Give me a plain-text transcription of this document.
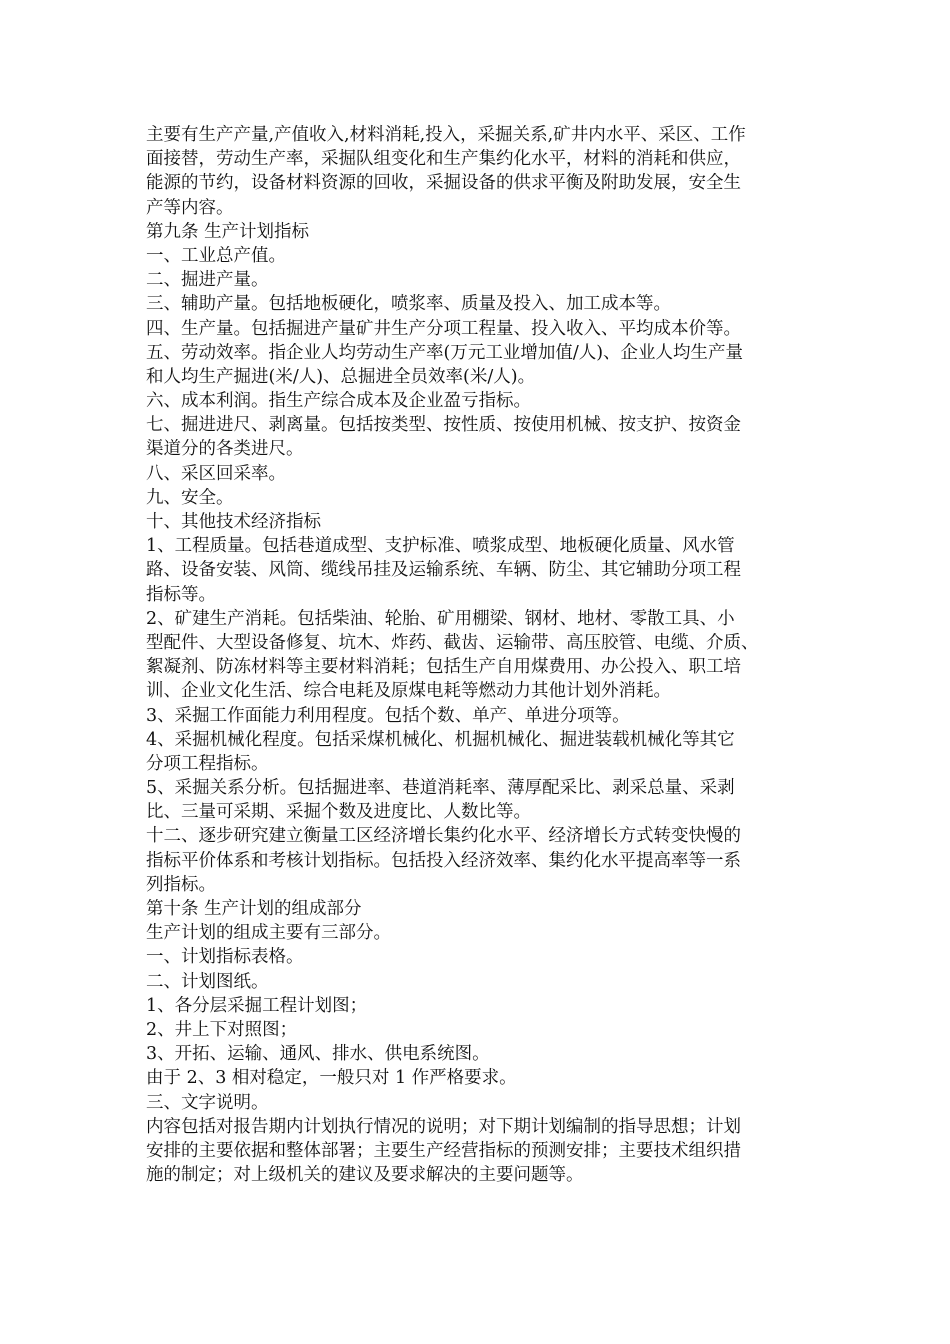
主要有生产产量,产值收入,材料消耗,投入，采掘关系,矿井内水平、采区、工作
面接替，劳动生产率，采掘队组变化和生产集约化水平，材料的消耗和供应，
能源的节约，设备材料资源的回收，采掘设备的供求平衡及附助发展，安全生
产等内容。
第九条 生产计划指标
一、工业总产值。
二、掘进产量。
三、辅助产量。包括地板硬化，喷浆率、质量及投入、加工成本等。
四、生产量。包括掘进产量矿井生产分项工程量、投入收入、平均成本价等。
五、劳动效率。指企业人均劳动生产率(万元工业增加值/人)、企业人均生产量
和人均生产掘进(米/人)、总掘进全员效率(米/人)。
六、成本利润。指生产综合成本及企业盈亏指标。
七、掘进进尺、剥离量。包括按类型、按性质、按使用机械、按支护、按资金
渠道分的各类进尺。
八、采区回采率。
九、安全。
十、其他技术经济指标
1、工程质量。包括巷道成型、支护标准、喷浆成型、地板硬化质量、风水管
路、设备安装、风筒、缆线吊挂及运输系统、车辆、防尘、其它辅助分项工程
指标等。
2、矿建生产消耗。包括柴油、轮胎、矿用棚梁、钢材、地材、零散工具、小
型配件、大型设备修复、坑木、炸药、截齿、运输带、高压胶管、电缆、介质、
絮凝剂、防冻材料等主要材料消耗；包括生产自用煤费用、办公投入、职工培
训、企业文化生活、综合电耗及原煤电耗等燃动力其他计划外消耗。
3、采掘工作面能力利用程度。包括个数、单产、单进分项等。
4、采掘机械化程度。包括采煤机械化、机掘机械化、掘进装载机械化等其它
分项工程指标。
5、采掘关系分析。包括掘进率、巷道消耗率、薄厚配采比、剥采总量、采剥
比、三量可采期、采掘个数及进度比、人数比等。
十二、逐步研究建立衡量工区经济增长集约化水平、经济增长方式转变快慢的
指标平价体系和考核计划指标。包括投入经济效率、集约化水平提高率等一系
列指标。
第十条 生产计划的组成部分
生产计划的组成主要有三部分。
一、计划指标表格。
二、计划图纸。
1、各分层采掘工程计划图；
2、井上下对照图；
3、开拓、运输、通风、排水、供电系统图。
由于 2、3 相对稳定，一般只对 1 作严格要求。
三、文字说明。
内容包括对报告期内计划执行情况的说明；对下期计划编制的指导思想；计划
安排的主要依据和整体部署；主要生产经营指标的预测安排；主要技术组织措
施的制定；对上级机关的建议及要求解决的主要问题等。
